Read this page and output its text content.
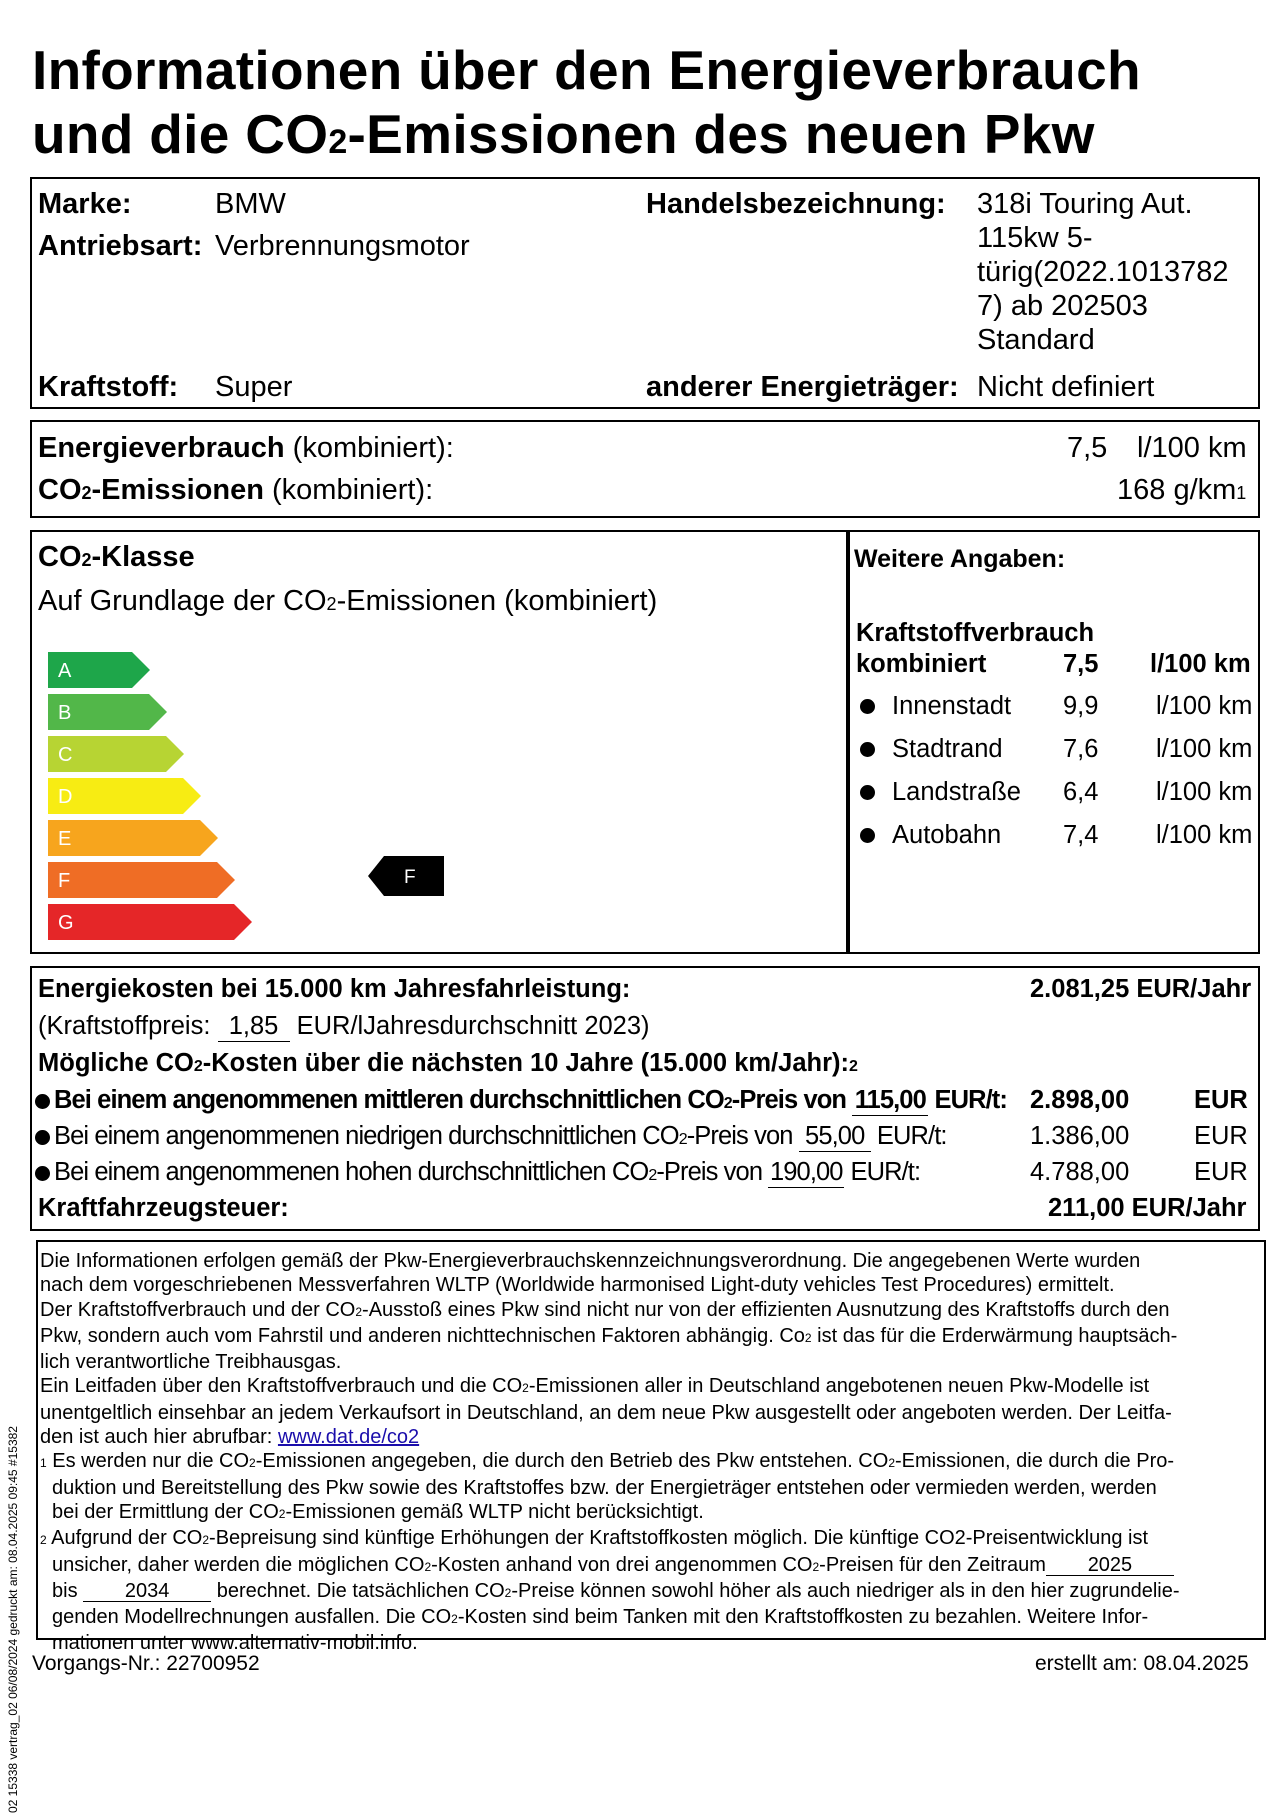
Informationen über den Energieverbrauch
und die CO2-Emissionen des neuen Pkw
Marke:	BMW
Antriebsart: Verbrennungsmotor
Kraftstoff: Super
Handelsbezeichnung: 318i Touring Aut.
115kw 5-
türig(2022.1013782
7) ab 202503
Standard
anderer Energieträger: Nicht definiert
Energieverbrauch (kombiniert):	7,5 l/100 km
CO2-Emissionen (kombiniert):	168 g/km1
CO2-Klasse
Auf Grundlage der CO2-Emissionen (kombiniert)
A
B
C
D
E
F
G
F
Weitere Angaben:
Kraftstoffverbrauch
kombiniert	7,5 l/100 km
Innenstadt 9,9 l/100 km
Stadtrand 7,6 l/100 km
Landstraße 6,4 l/100 km
Autobahn 7,4 l/100 km
Energiekosten bei 15.000 km Jahresfahrleistung:	2.081,25 EUR/Jahr
(Kraftstoffpreis: 1,85 EUR/lJahresdurchschnitt 2023)
Mögliche CO2-Kosten über die nächsten 10 Jahre (15.000 km/Jahr):2
Bei einem angenommenen mittleren durchschnittlichen CO2-Preis von 115,00 EUR/t: 2.898,00	EUR
Bei einem angenommenen niedrigen durchschnittlichen CO2-Preis von 55,00 EUR/t:	1.386,00	EUR
Bei einem angenommenen hohen durchschnittlichen CO2-Preis von 190,00 EUR/t:	4.788,00	EUR
Kraftfahrzeugsteuer:	211,00 EUR/Jahr
Die Informationen erfolgen gemäß der Pkw-Energieverbrauchskennzeichnungsverordnung. Die angegebenen Werte wurden
nach dem vorgeschriebenen Messverfahren WLTP (Worldwide harmonised Light-duty vehicles Test Procedures) ermittelt.
Der Kraftstoffverbrauch und der CO2-Ausstoß eines Pkw sind nicht nur von der effizienten Ausnutzung des Kraftstoffs durch den
Pkw, sondern auch vom Fahrstil und anderen nichttechnischen Faktoren abhängig. Co2 ist das für die Erderwärmung hauptsäch-
lich verantwortliche Treibhausgas.
Ein Leitfaden über den Kraftstoffverbrauch und die CO2-Emissionen aller in Deutschland angebotenen neuen Pkw-Modelle ist
unentgeltlich einsehbar an jedem Verkaufsort in Deutschland, an dem neue Pkw ausgestellt oder angeboten werden. Der Leitfa-
den ist auch hier abrufbar: www.dat.de/co2
1 Es werden nur die CO2-Emissionen angegeben, die durch den Betrieb des Pkw entstehen. CO2-Emissionen, die durch die Pro-
duktion und Bereitstellung des Pkw sowie des Kraftstoffes bzw. der Energieträger entstehen oder vermieden werden, werden
bei der Ermittlung der CO2-Emissionen gemäß WLTP nicht berücksichtigt.
2 Aufgrund der CO2-Bepreisung sind künftige Erhöhungen der Kraftstoffkosten möglich. Die künftige CO2-Preisentwicklung ist
unsicher, daher werden die möglichen CO2-Kosten anhand von drei angenommen CO2-Preisen für den Zeitraum 2025
bis 2034 berechnet. Die tatsächlichen CO2-Preise können sowohl höher als auch niedriger als in den hier zugrundelie-
genden Modellrechnungen ausfallen. Die CO2-Kosten sind beim Tanken mit den Kraftstoffkosten zu bezahlen. Weitere Infor-
mationen unter www.alternativ-mobil.info.
Vorgangs-Nr.: 22700952	erstellt am: 08.04.2025
02 15338 vertrag_02 06/08/2024 gedruckt am: 08.04.2025 09:45 #15382
